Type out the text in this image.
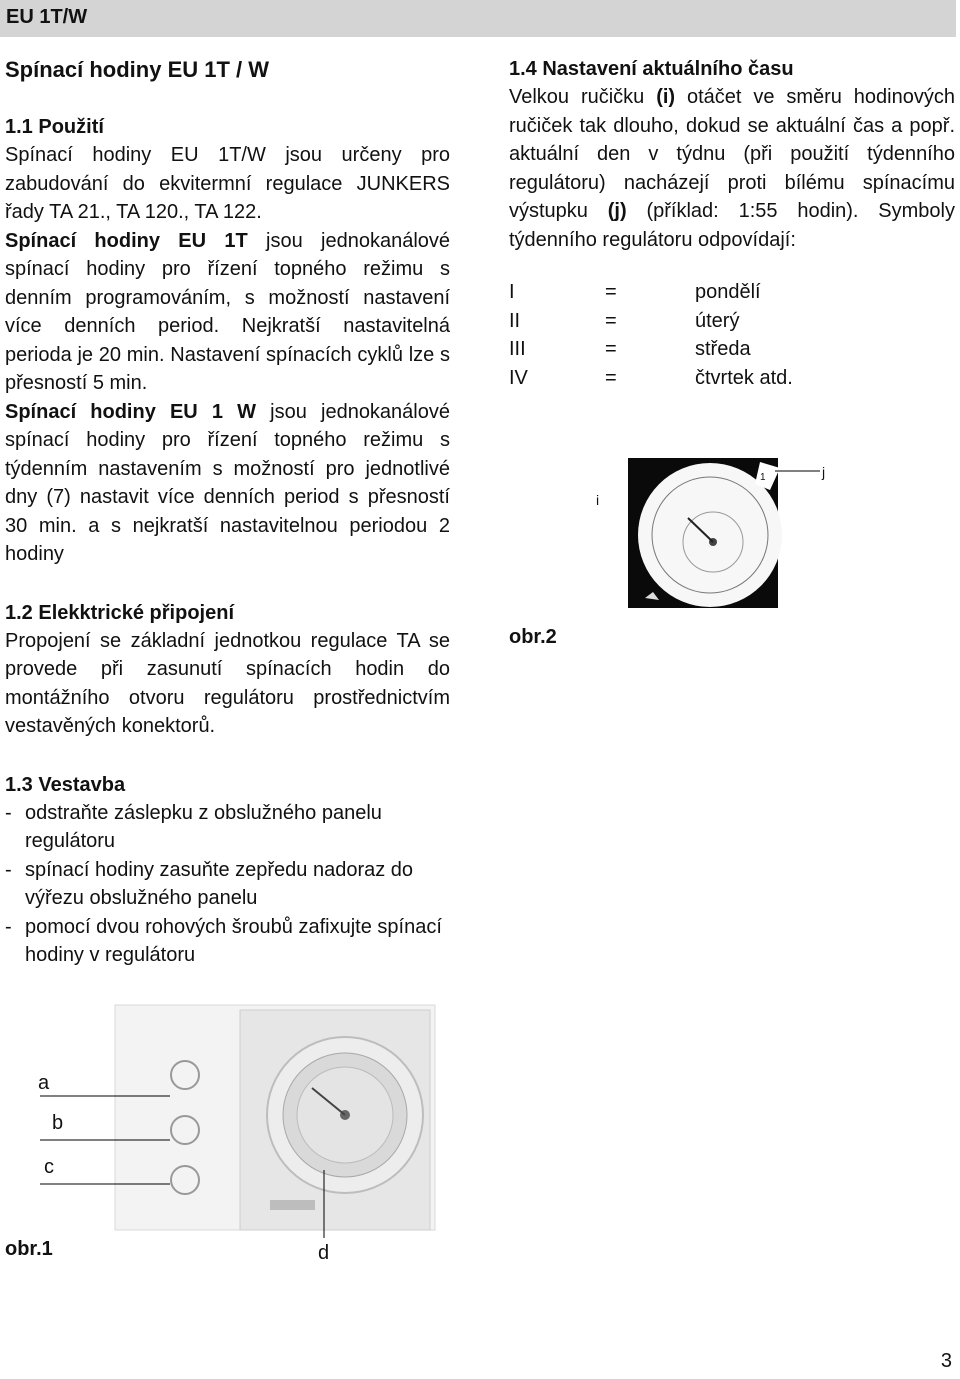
EU 1T/W
Spínací hodiny EU 1T / W
1.1 Použití

Spínací hodiny EU 1T/W jsou určeny pro zabudování do ekvitermní regulace JUNKERS řady TA 21., TA 120., TA 122.

Spínací hodiny EU 1T jsou jednokanálové spínací hodiny pro řízení topného režimu s denním programováním, s možností nastavení více denních period. Nejkratší nastavitelná perioda je 20 min. Nastavení spínacích cyklů lze s přesností 5 min.

Spínací hodiny EU 1 W jsou jednokanálové spínací hodiny pro řízení topného režimu s týdenním nastavením s možností pro jednotlivé dny (7) nastavit více denních period s přesností 30 min. a s nejkratší nastavitelnou periodou 2 hodiny

1.2 Elekktrické připojení

Propojení se základní jednotkou regulace TA se provede při zasunutí spínacích hodin do montážního otvoru regulátoru prostřednictvím vestavěných konektorů.

1.3 Vestavba
- odstraňte záslepku z obslužného panelu regulátoru
- spínací hodiny zasuňte zepředu nadoraz do výřezu obslužného panelu
- pomocí dvou rohových šroubů zafixujte spínací hodiny v regulátoru
1.4 Nastavení aktuálního času

Velkou ručičku (i) otáčet ve směru hodinových ručiček tak dlouho, dokud se aktuální čas a popř. aktuální den v týdnu (při použití týdenního regulátoru) nacházejí proti bílému spínacímu výstupku (j) (příklad: 1:55 hodin). Symboly týdenního regulátoru odpovídají:

I	=	pondělí
II	=	úterý
III	=	středa
IV	=	čtvrtek atd.
1
i
j
obr.2
a
b
c
d
obr.1
3
